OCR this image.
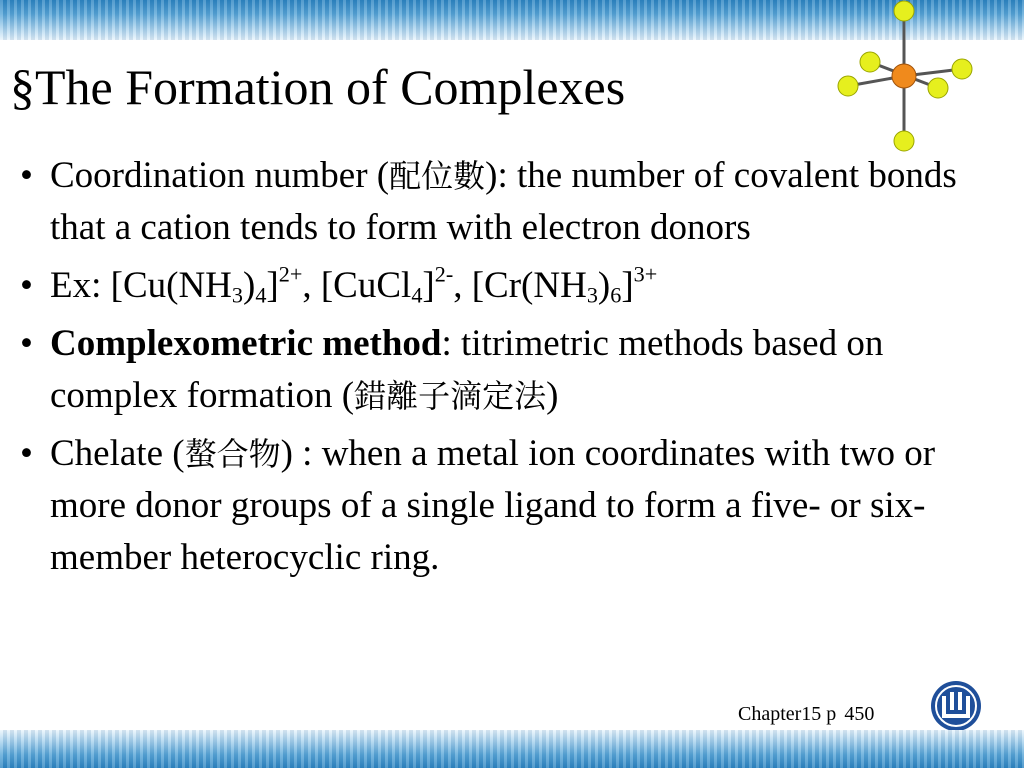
§The Formation of Complexes
• Coordination number (配位數): the number of covalent bonds that a cation tends to form with electron donors
• Ex: $[Cu(NH_3)_4]^{2+}$, [CuCl$_4$]$^{2-}$, $[Cr(NH_3)_6]^{3+}$
• Complexometric method: titrimetric methods based on complex formation (錯離子滴定法)
• Chelate (螯合物) : when a metal ion coordinates with two or more donor groups of a single ligand to form a five- or six-member heterocyclic ring.
Chapter15 p 450
